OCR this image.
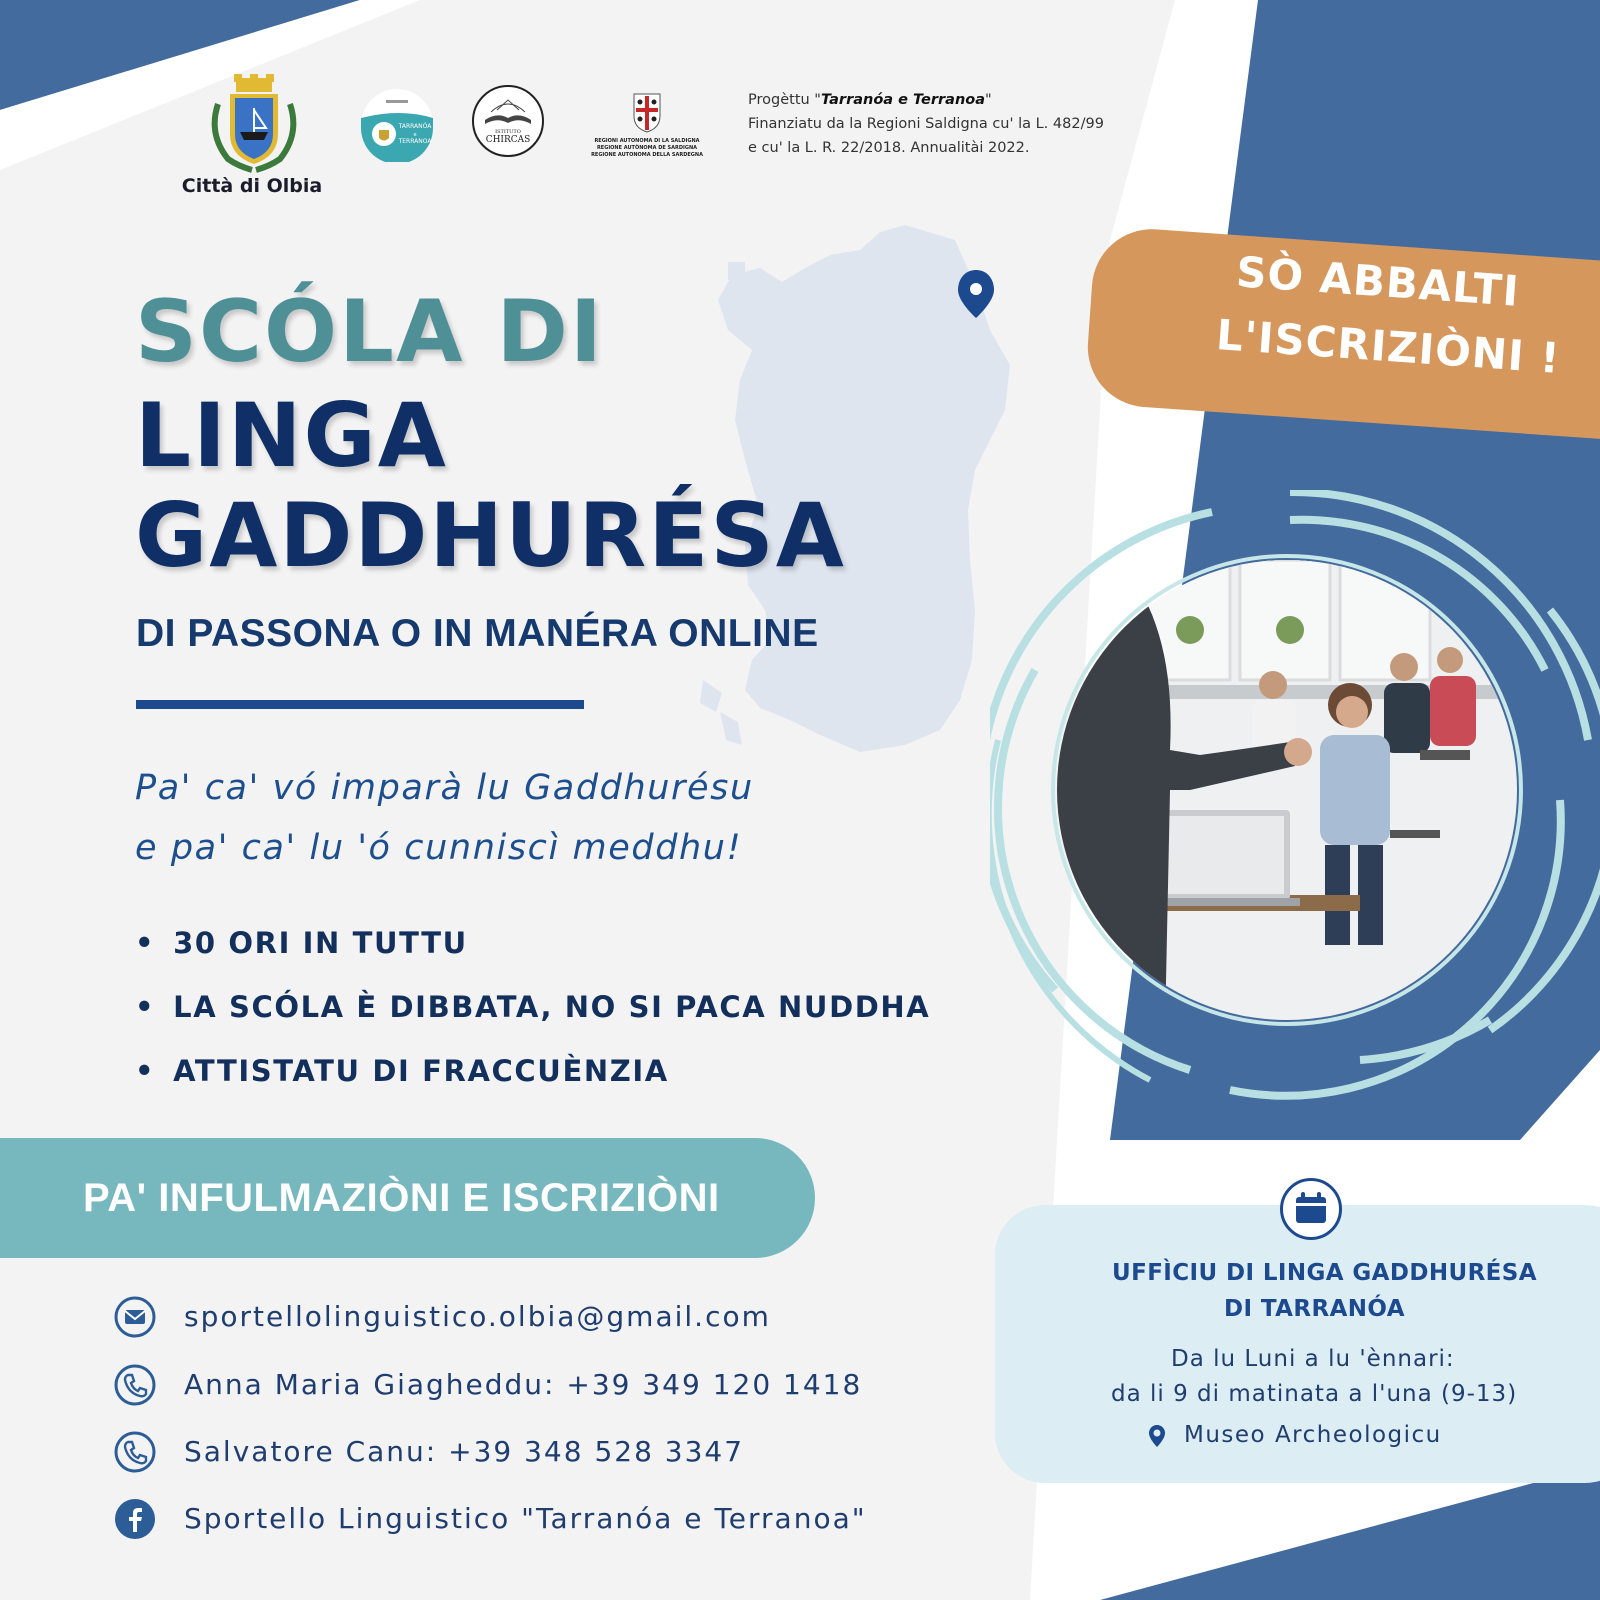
Città di Olbia
TARRANÓA
e
TERRANOA
ISTITUTO
CHIRCAS	REGIONI AUTONOMA DI LA SALDIGNA
REGIONE AUTÒNOMA DE SARDIGNA
REGIONE AUTONOMA DELLA SARDEGNA
Progèttu "Tarranóa e Terranoa"
Finanziatu da la Regioni Saldigna cu' la L. 482/99
e cu' la L. R. 22/2018. Annualitài 2022.
SCÓLA DI
LINGA
GADDHURÉSA
DI PASSONA O IN MANÉRA ONLINE
Pa' ca' vó imparà lu Gaddhurésu
e pa' ca' lu 'ó cunniscì meddhu!
• 30 ORI IN TUTTU
• LA SCÓLA È DIBBATA, NO SI PACA NUDDHA
• ATTISTATU DI FRACCUÈNZIA
SÒ ABBALTI
L'ISCRIZIÒNI !
PA' INFULMAZIÒNI E ISCRIZIÒNI
sportellolinguistico.olbia@gmail.com
Anna Maria Giagheddu: +39 349 120 1418
Salvatore Canu: +39 348 528 3347
Sportello Linguistico "Tarranóa e Terranoa"
UFFÌCIU DI LINGA GADDHURÉSA
DI TARRANÓA
Da lu Luni a lu 'ènnari:
da li 9 di matinata a l'una (9-13)
Museo Archeologicu
